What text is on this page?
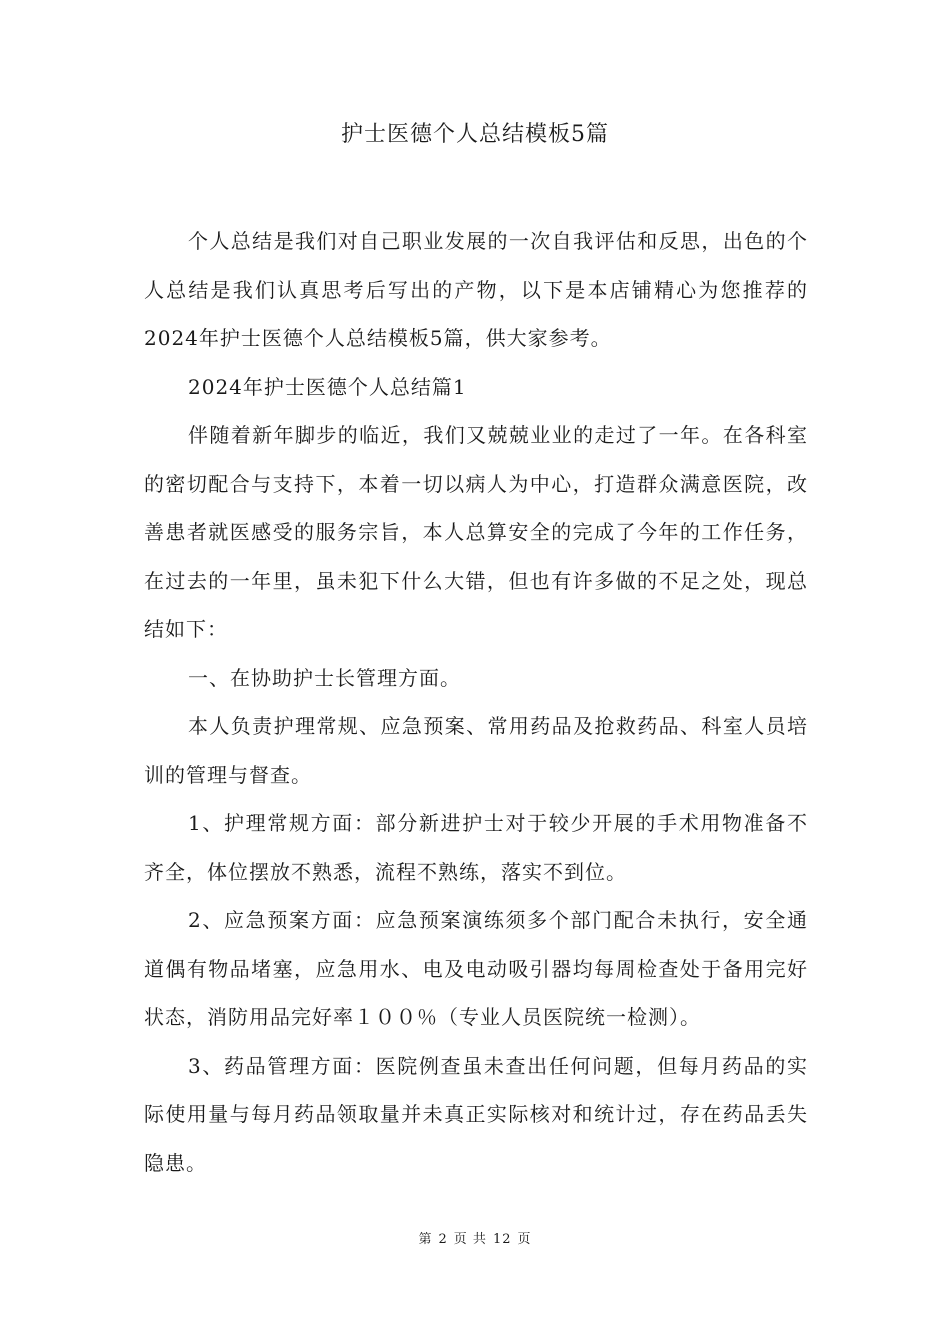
护士医德个人总结模板5篇

个人总结是我们对自己职业发展的一次自我评估和反思，出色的个人总结是我们认真思考后写出的产物，以下是本店铺精心为您推荐的2024年护士医德个人总结模板5篇，供大家参考。

2024年护士医德个人总结篇1

伴随着新年脚步的临近，我们又兢兢业业的走过了一年。在各科室的密切配合与支持下，本着一切以病人为中心，打造群众满意医院，改善患者就医感受的服务宗旨，本人总算安全的完成了今年的工作任务，在过去的一年里，虽未犯下什么大错，但也有许多做的不足之处，现总结如下：

一、在协助护士长管理方面。

本人负责护理常规、应急预案、常用药品及抢救药品、科室人员培训的管理与督查。

1、护理常规方面：部分新进护士对于较少开展的手术用物准备不齐全，体位摆放不熟悉，流程不熟练，落实不到位。

2、应急预案方面：应急预案演练须多个部门配合未执行，安全通道偶有物品堵塞，应急用水、电及电动吸引器均每周检查处于备用完好状态，消防用品完好率１００％（专业人员医院统一检测）。

3、药品管理方面：医院例查虽未查出任何问题，但每月药品的实际使用量与每月药品领取量并未真正实际核对和统计过，存在药品丢失隐患。

第 2 页 共 12 页
